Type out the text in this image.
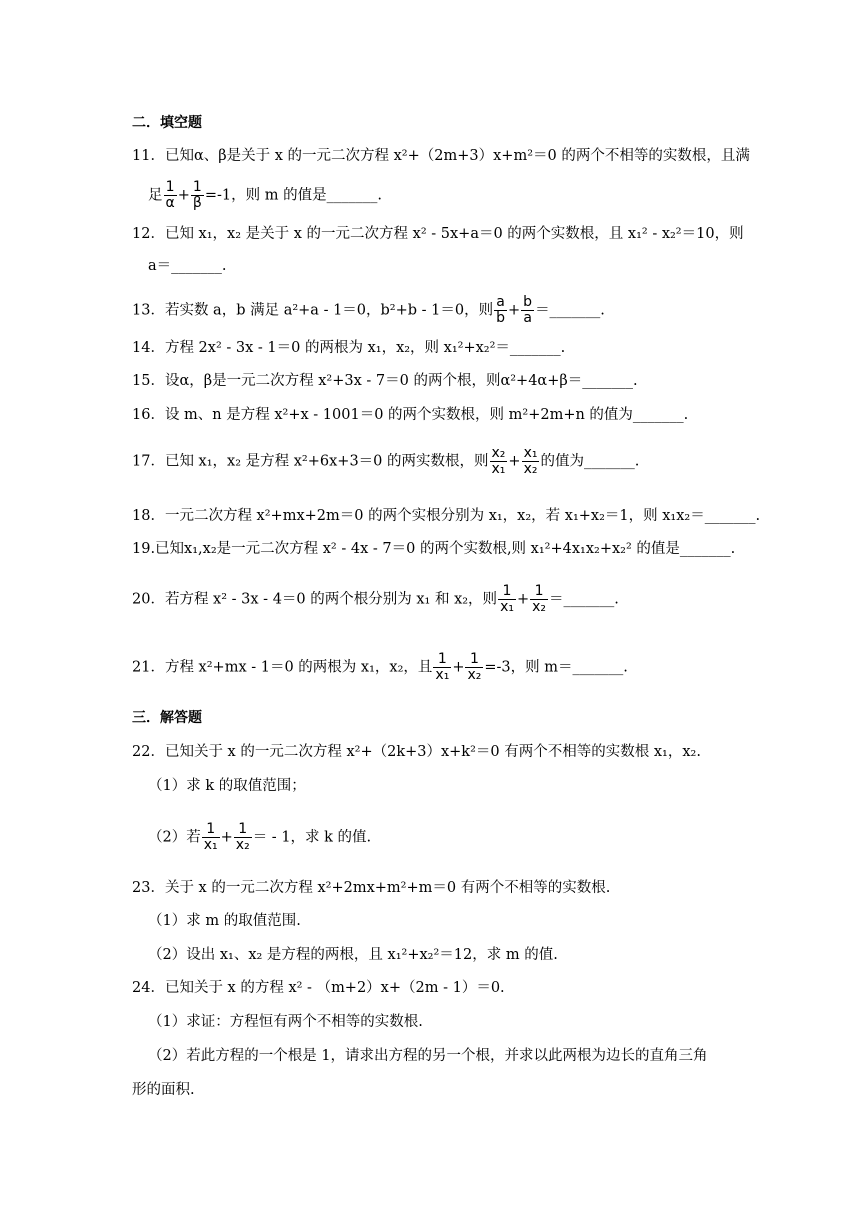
二．填空题
11．已知α、β是关于 x 的一元二次方程 x²+（2m+3）x+m²＝0 的两个不相等的实数根，且满
足 $\frac{1}{\alpha} + \frac{1}{\beta} =-1$，则 m 的值是_______.
12．已知 x₁，x₂ 是关于 x 的一元二次方程 x² - 5x+a＝0 的两个实数根，且 x₁² - x₂²＝10，则
a＝_______.
13．若实数 a，b 满足 a²+a - 1＝0，b²+b - 1＝0，则 $\frac{a}{b} + \frac{b}{a}$ ＝_______.
14．方程 2x² - 3x - 1＝0 的两根为 x₁，x₂，则 x₁²+x₂²＝_______.
15．设α，β是一元二次方程 x²+3x - 7＝0 的两个根，则α²+4α+β＝_______.
16．设 m、n 是方程 x²+x - 1001＝0 的两个实数根，则 m²+2m+n 的值为_______.
17．已知 x₁，x₂ 是方程 x²+6x+3＝0 的两实数根，则 $\frac{\text{x₂}}{\text{x₁}} + \frac{\text{x₁}}{\text{x₂}}$ 的值为_______.
18．一元二次方程 x²+mx+2m＝0 的两个实根分别为 x₁，x₂，若 x₁+x₂＝1，则 x₁x₂＝_______.
19.已知x₁,x₂是一元二次方程 x² - 4x - 7＝0 的两个实数根,则 x₁²+4x₁x₂+x₂² 的值是_______.
20．若方程 x² - 3x - 4＝0 的两个根分别为 x₁ 和 x₂，则 $\frac{1}{\text{x₁}} + \frac{1}{\text{x₂}}$ ＝_______.
21．方程 x²+mx - 1＝0 的两根为 x₁，x₂，且 $\frac{1}{\text{x₁}} + \frac{1}{\text{x₂}} =-3$，则 m＝_______.
三．解答题
22．已知关于 x 的一元二次方程 x²+（2k+3）x+k²＝0 有两个不相等的实数根 x₁，x₂.
（1）求 k 的取值范围；
（2）若 $\frac{1}{\text{x₁}} + \frac{1}{\text{x₂}}$ ＝ - 1，求 k 的值.
23．关于 x 的一元二次方程 x²+2mx+m²+m＝0 有两个不相等的实数根.
（1）求 m 的取值范围.
（2）设出 x₁、x₂ 是方程的两根，且 x₁²+x₂²＝12，求 m 的值.
24．已知关于 x 的方程 x² - （m+2）x+（2m - 1）＝0.
（1）求证：方程恒有两个不相等的实数根.
（2）若此方程的一个根是 1，请求出方程的另一个根，并求以此两根为边长的直角三角
形的面积.
